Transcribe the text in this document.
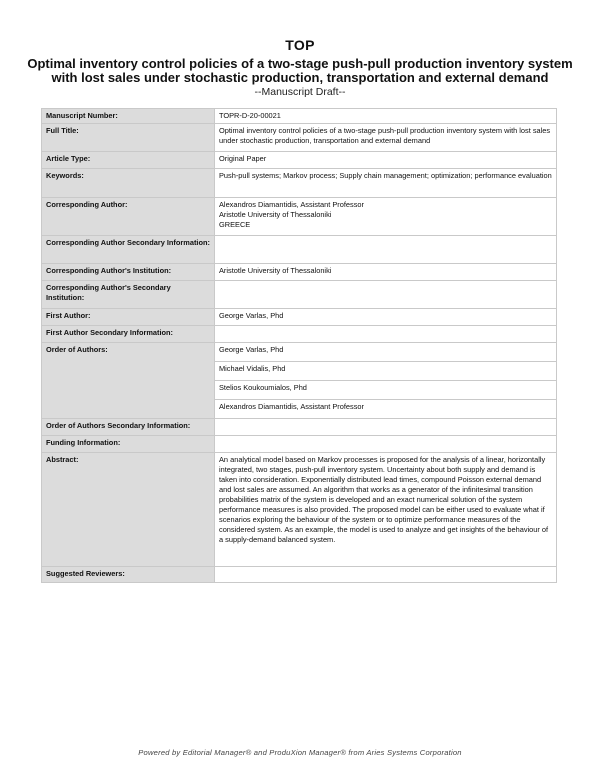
TOP
Optimal inventory control policies of a two-stage push-pull production inventory system with lost sales under stochastic production, transportation and external demand
--Manuscript Draft--
Manuscript Number:	TOPR-D-20-00021
Full Title:	Optimal inventory control policies of a two-stage push-pull production inventory system with lost sales under stochastic production, transportation and external demand
Article Type:	Original Paper
Keywords:	Push-pull systems; Markov process; Supply chain management; optimization; performance evaluation
Corresponding Author:	Alexandros Diamantidis, Assistant Professor
Aristotle University of Thessaloniki
GREECE

Corresponding Author Secondary Information:	
Corresponding Author's Institution:	Aristotle University of Thessaloniki
Corresponding Author's Secondary Institution:	
First Author:	George Varlas, Phd
First Author Secondary Information:	
Order of Authors:	George Varlas, Phd
	Michael Vidalis, Phd
	Stelios Koukoumialos, Phd
	Alexandros Diamantidis, Assistant Professor
Order of Authors Secondary Information:	
Funding Information:	
Abstract:	An analytical model based on Markov processes is proposed for the analysis of a linear, horizontally integrated, two stages, push-pull inventory system. Uncertainty about both supply and demand is taken into consideration. Exponentially distributed lead times, compound Poisson external demand and lost sales are assumed. An algorithm that works as a generator of the infinitesimal transition probabilities matrix of the system is developed and an exact numerical solution of the system performance measures is also provided. The proposed model can be either used to evaluate what if scenarios exploring the behaviour of the system or to optimize performance measures of the considered system. As an example, the model is used to analyze and get insights of the behaviour of a supply-demand balanced system.
Suggested Reviewers:	
Powered by Editorial Manager® and ProduXion Manager® from Aries Systems Corporation
